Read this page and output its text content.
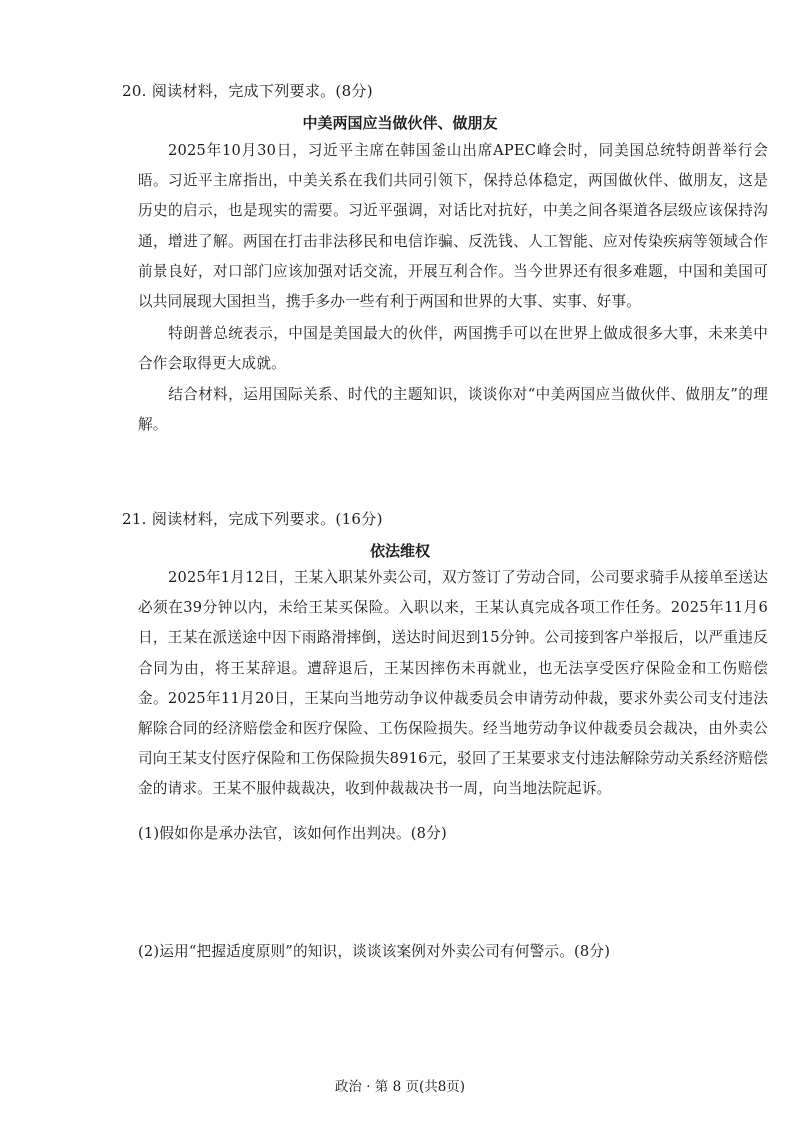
20. 阅读材料，完成下列要求。(8分)
中美两国应当做伙伴、做朋友
2025年10月30日，习近平主席在韩国釜山出席APEC峰会时，同美国总统特朗普举行会晤。习近平主席指出，中美关系在我们共同引领下，保持总体稳定，两国做伙伴、做朋友，这是历史的启示，也是现实的需要。习近平强调，对话比对抗好，中美之间各渠道各层级应该保持沟通，增进了解。两国在打击非法移民和电信诈骗、反洗钱、人工智能、应对传染疾病等领域合作前景良好，对口部门应该加强对话交流，开展互利合作。当今世界还有很多难题，中国和美国可以共同展现大国担当，携手多办一些有利于两国和世界的大事、实事、好事。
特朗普总统表示，中国是美国最大的伙伴，两国携手可以在世界上做成很多大事，未来美中合作会取得更大成就。
结合材料，运用国际关系、时代的主题知识，谈谈你对“中美两国应当做伙伴、做朋友”的理解。
21. 阅读材料，完成下列要求。(16分)
依法维权
2025年1月12日，王某入职某外卖公司，双方签订了劳动合同，公司要求骑手从接单至送达必须在39分钟以内，未给王某买保险。入职以来，王某认真完成各项工作任务。2025年11月6日，王某在派送途中因下雨路滑摔倒，送达时间迟到15分钟。公司接到客户举报后，以严重违反合同为由，将王某辞退。遭辞退后，王某因摔伤未再就业，也无法享受医疗保险金和工伤赔偿金。2025年11月20日，王某向当地劳动争议仲裁委员会申请劳动仲裁，要求外卖公司支付违法解除合同的经济赔偿金和医疗保险、工伤保险损失。经当地劳动争议仲裁委员会裁决，由外卖公司向王某支付医疗保险和工伤保险损失8916元，驳回了王某要求支付违法解除劳动关系经济赔偿金的请求。王某不服仲裁裁决，收到仲裁裁决书一周，向当地法院起诉。
(1)假如你是承办法官，该如何作出判决。(8分)
(2)运用“把握适度原则”的知识，谈谈该案例对外卖公司有何警示。(8分)
政治 · 第 8 页(共8页)
